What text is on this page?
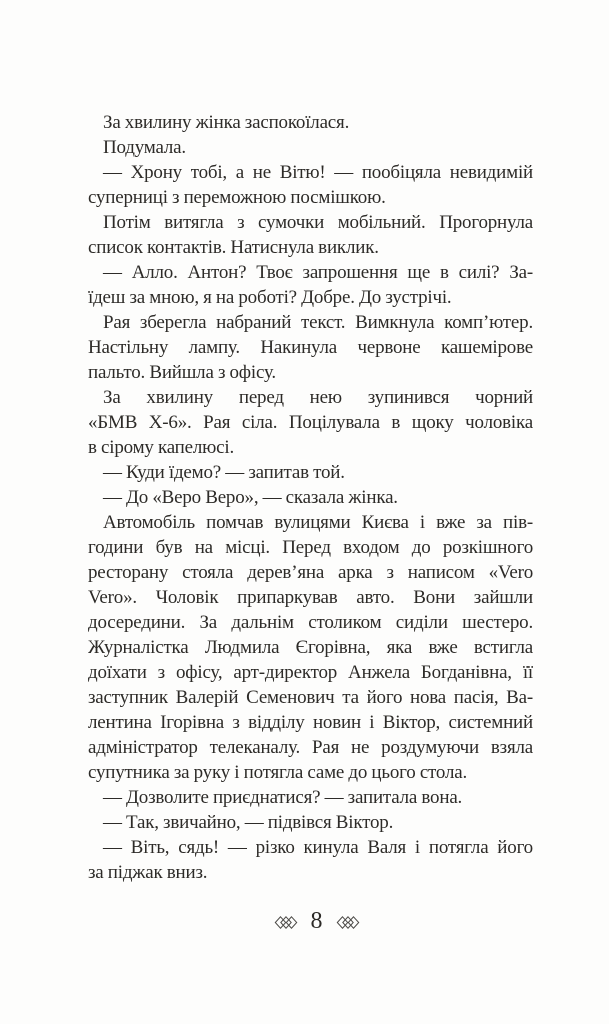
За хвилину жінка заспокоїлася.
Подумала.
— Хрону тобі, а не Вітю! — пообіцяла невидимій
суперниці з переможною посмішкою.
Потім витягла з сумочки мобільний. Прогорнула
список контактів. Натиснула виклик.
— Алло. Антон? Твоє запрошення ще в силі? За-
їдеш за мною, я на роботі? Добре. До зустрічі.
Рая зберегла набраний текст. Вимкнула комп’ютер.
Настільну лампу. Накинула червоне кашемірове
пальто. Вийшла з офісу.
За хвилину перед нею зупинився чорний
«БМВ Х-6». Рая сіла. Поцілувала в щоку чоловіка
в сірому капелюсі.
— Куди їдемо? — запитав той.
— До «Веро Веро», — сказала жінка.
Автомобіль помчав вулицями Києва і вже за пів-
години був на місці. Перед входом до розкішного
ресторану стояла дерев’яна арка з написом «Vero
Vero». Чоловік припаркував авто. Вони зайшли
досередини. За дальнім столиком сиділи шестеро.
Журналістка Людмила Єгорівна, яка вже встигла
доїхати з офісу, арт-директор Анжела Богданівна, її
заступник Валерій Семенович та його нова пасія, Ва-
лентина Ігорівна з відділу новин і Віктор, системний
адміністратор телеканалу. Рая не роздумуючи взяла
супутника за руку і потягла саме до цього стола.
— Дозволите приєднатися? — запитала вона.
— Так, звичайно, — підвівся Віктор.
— Віть, сядь! — різко кинула Валя і потягла його
за піджак вниз.
8
